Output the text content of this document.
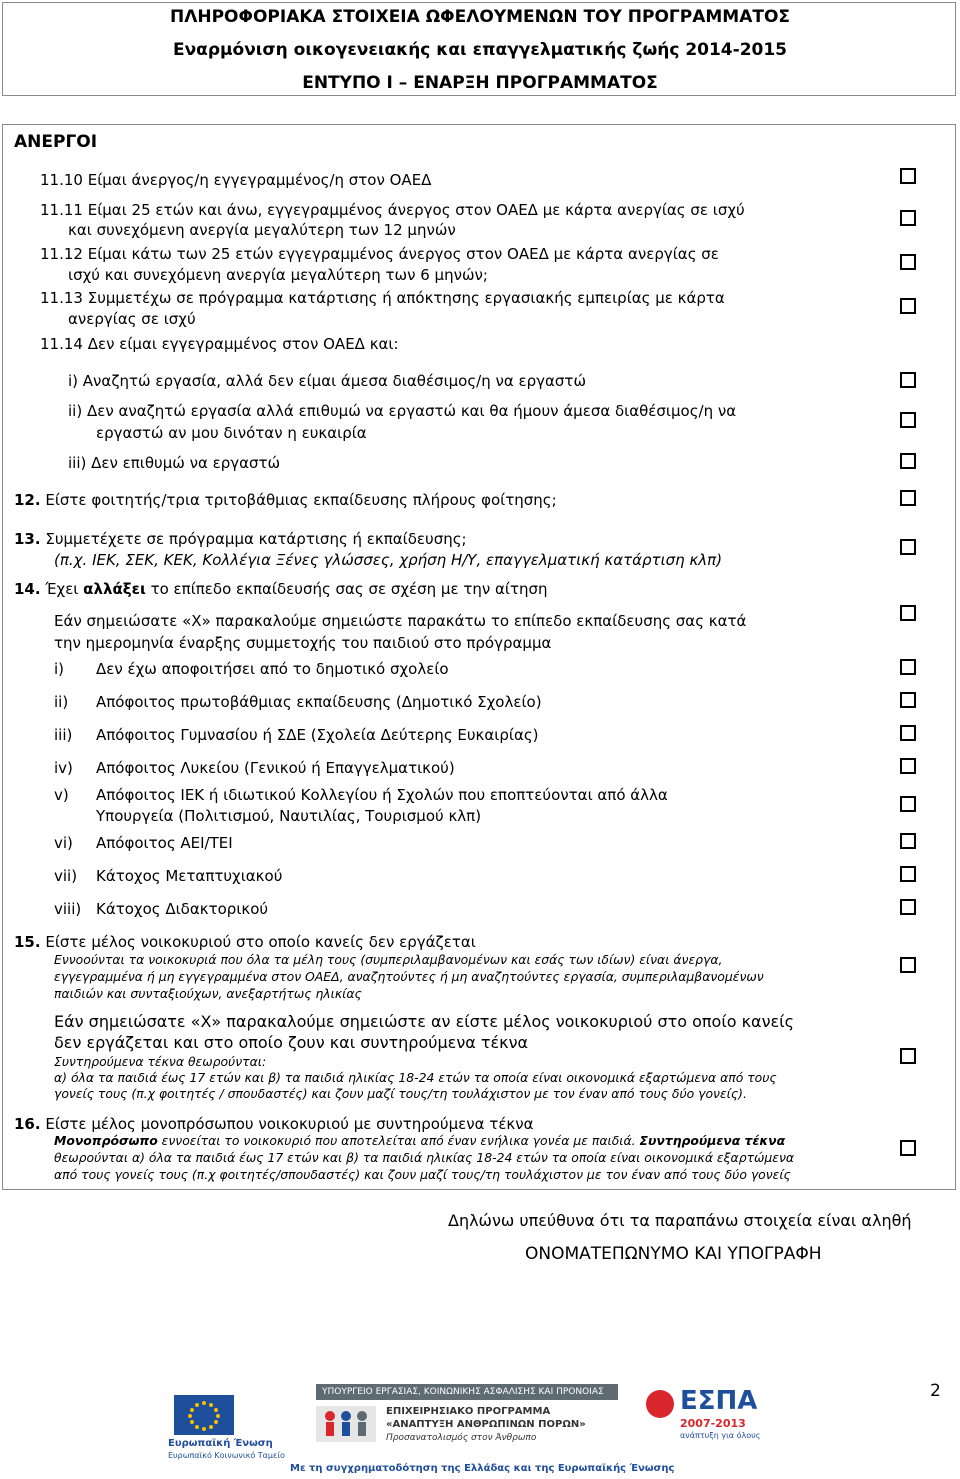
ΠΛΗΡΟΦΟΡΙΑΚΑ ΣΤΟΙΧΕΙΑ ΩΦΕΛΟΥΜΕΝΩΝ ΤΟΥ ΠΡΟΓΡΑΜΜΑΤΟΣ
Εναρμόνιση οικογενειακής και επαγγελματικής ζωής 2014-2015
ΕΝΤΥΠΟ Ι – ΕΝΑΡΞΗ ΠΡΟΓΡΑΜΜΑΤΟΣ
ΑΝΕΡΓΟΙ
11.10 Είμαι άνεργος/η εγγεγραμμένος/η στον ΟΑΕΔ
11.11 Είμαι 25 ετών και άνω, εγγεγραμμένος άνεργος στον ΟΑΕΔ με κάρτα ανεργίας σε ισχύ
και συνεχόμενη ανεργία μεγαλύτερη των 12 μηνών
11.12 Είμαι κάτω των 25 ετών εγγεγραμμένος άνεργος στον ΟΑΕΔ με κάρτα ανεργίας σε
ισχύ και συνεχόμενη ανεργία μεγαλύτερη των 6 μηνών;
11.13 Συμμετέχω σε πρόγραμμα κατάρτισης ή απόκτησης εργασιακής εμπειρίας με κάρτα
ανεργίας σε ισχύ
11.14 Δεν είμαι εγγεγραμμένος στον ΟΑΕΔ και:
i) Αναζητώ εργασία, αλλά δεν είμαι άμεσα διαθέσιμος/η να εργαστώ
ii) Δεν αναζητώ εργασία αλλά επιθυμώ να εργαστώ και θα ήμουν άμεσα διαθέσιμος/η να
εργαστώ αν μου δινόταν η ευκαιρία
iii) Δεν επιθυμώ να εργαστώ
12. Είστε φοιτητής/τρια τριτοβάθμιας εκπαίδευσης πλήρους φοίτησης;
13. Συμμετέχετε σε πρόγραμμα κατάρτισης ή εκπαίδευσης;
(π.χ. ΙΕΚ, ΣΕΚ, ΚΕΚ, Κολλέγια Ξένες γλώσσες, χρήση Η/Υ, επαγγελματική κατάρτιση κλπ)
14. Έχει αλλάξει το επίπεδο εκπαίδευσής σας σε σχέση με την αίτηση
Εάν σημειώσατε «Χ» παρακαλούμε σημειώστε παρακάτω το επίπεδο εκπαίδευσης σας κατά
την ημερομηνία έναρξης συμμετοχής του παιδιού στο πρόγραμμα
i) Δεν έχω αποφοιτήσει από το δημοτικό σχολείο
ii) Απόφοιτος πρωτοβάθμιας εκπαίδευσης (Δημοτικό Σχολείο)
iii) Απόφοιτος Γυμνασίου ή ΣΔΕ (Σχολεία Δεύτερης Ευκαιρίας)
iv) Απόφοιτος Λυκείου (Γενικού ή Επαγγελματικού)
v) Απόφοιτος ΙΕΚ ή ιδιωτικού Κολλεγίου ή Σχολών που εποπτεύονται από άλλα
Υπουργεία (Πολιτισμού, Ναυτιλίας, Τουρισμού κλπ)
vi) Απόφοιτος ΑΕΙ/ΤΕΙ
vii) Κάτοχος Μεταπτυχιακού
viii) Κάτοχος Διδακτορικού
15. Είστε μέλος νοικοκυριού στο οποίο κανείς δεν εργάζεται
Εννοούνται τα νοικοκυριά που όλα τα μέλη τους (συμπεριλαμβανομένων και εσάς των ιδίων) είναι άνεργα,
εγγεγραμμένα ή μη εγγεγραμμένα στον ΟΑΕΔ, αναζητούντες ή μη αναζητούντες εργασία, συμπεριλαμβανομένων
παιδιών και συνταξιούχων, ανεξαρτήτως ηλικίας
Εάν σημειώσατε «Χ» παρακαλούμε σημειώστε αν είστε μέλος νοικοκυριού στο οποίο κανείς
δεν εργάζεται και στο οποίο ζουν και συντηρούμενα τέκνα
Συντηρούμενα τέκνα θεωρούνται:
α) όλα τα παιδιά έως 17 ετών και β) τα παιδιά ηλικίας 18-24 ετών τα οποία είναι οικονομικά εξαρτώμενα από τους
γονείς τους (π.χ φοιτητές / σπουδαστές) και ζουν μαζί τους/τη τουλάχιστον με τον έναν από τους δύο γονείς).
16. Είστε μέλος μονοπρόσωπου νοικοκυριού με συντηρούμενα τέκνα
Μονοπρόσωπο εννοείται το νοικοκυριό που αποτελείται από έναν ενήλικα γονέα με παιδιά. Συντηρούμενα τέκνα
θεωρούνται α) όλα τα παιδιά έως 17 ετών και β) τα παιδιά ηλικίας 18-24 ετών τα οποία είναι οικονομικά εξαρτώμενα
από τους γονείς τους (π.χ φοιτητές/σπουδαστές) και ζουν μαζί τους/τη τουλάχιστον με τον έναν από τους δύο γονείς
Δηλώνω υπεύθυνα ότι τα παραπάνω στοιχεία είναι αληθή
ΟΝΟΜΑΤΕΠΩΝΥΜΟ ΚΑΙ ΥΠΟΓΡΑΦΗ
2
Ευρωπαϊκή Ένωση
Ευρωπαϊκό Κοινωνικό Ταμείο
ΥΠΟΥΡΓΕΙΟ ΕΡΓΑΣΙΑΣ, ΚΟΙΝΩΝΙΚΗΣ ΑΣΦΑΛΙΣΗΣ ΚΑΙ ΠΡΟΝΟΙΑΣ
ΕΠΙΧΕΙΡΗΣΙΑΚΟ ΠΡΟΓΡΑΜΜΑ
«ΑΝΑΠΤΥΞΗ ΑΝΘΡΩΠΙΝΩΝ ΠΟΡΩΝ»
Προσανατολισμός στον Άνθρωπο
ΕΣΠΑ
2007-2013
ανάπτυξη για όλους
Με τη συγχρηματοδότηση της Ελλάδας και της Ευρωπαϊκής Ένωσης
